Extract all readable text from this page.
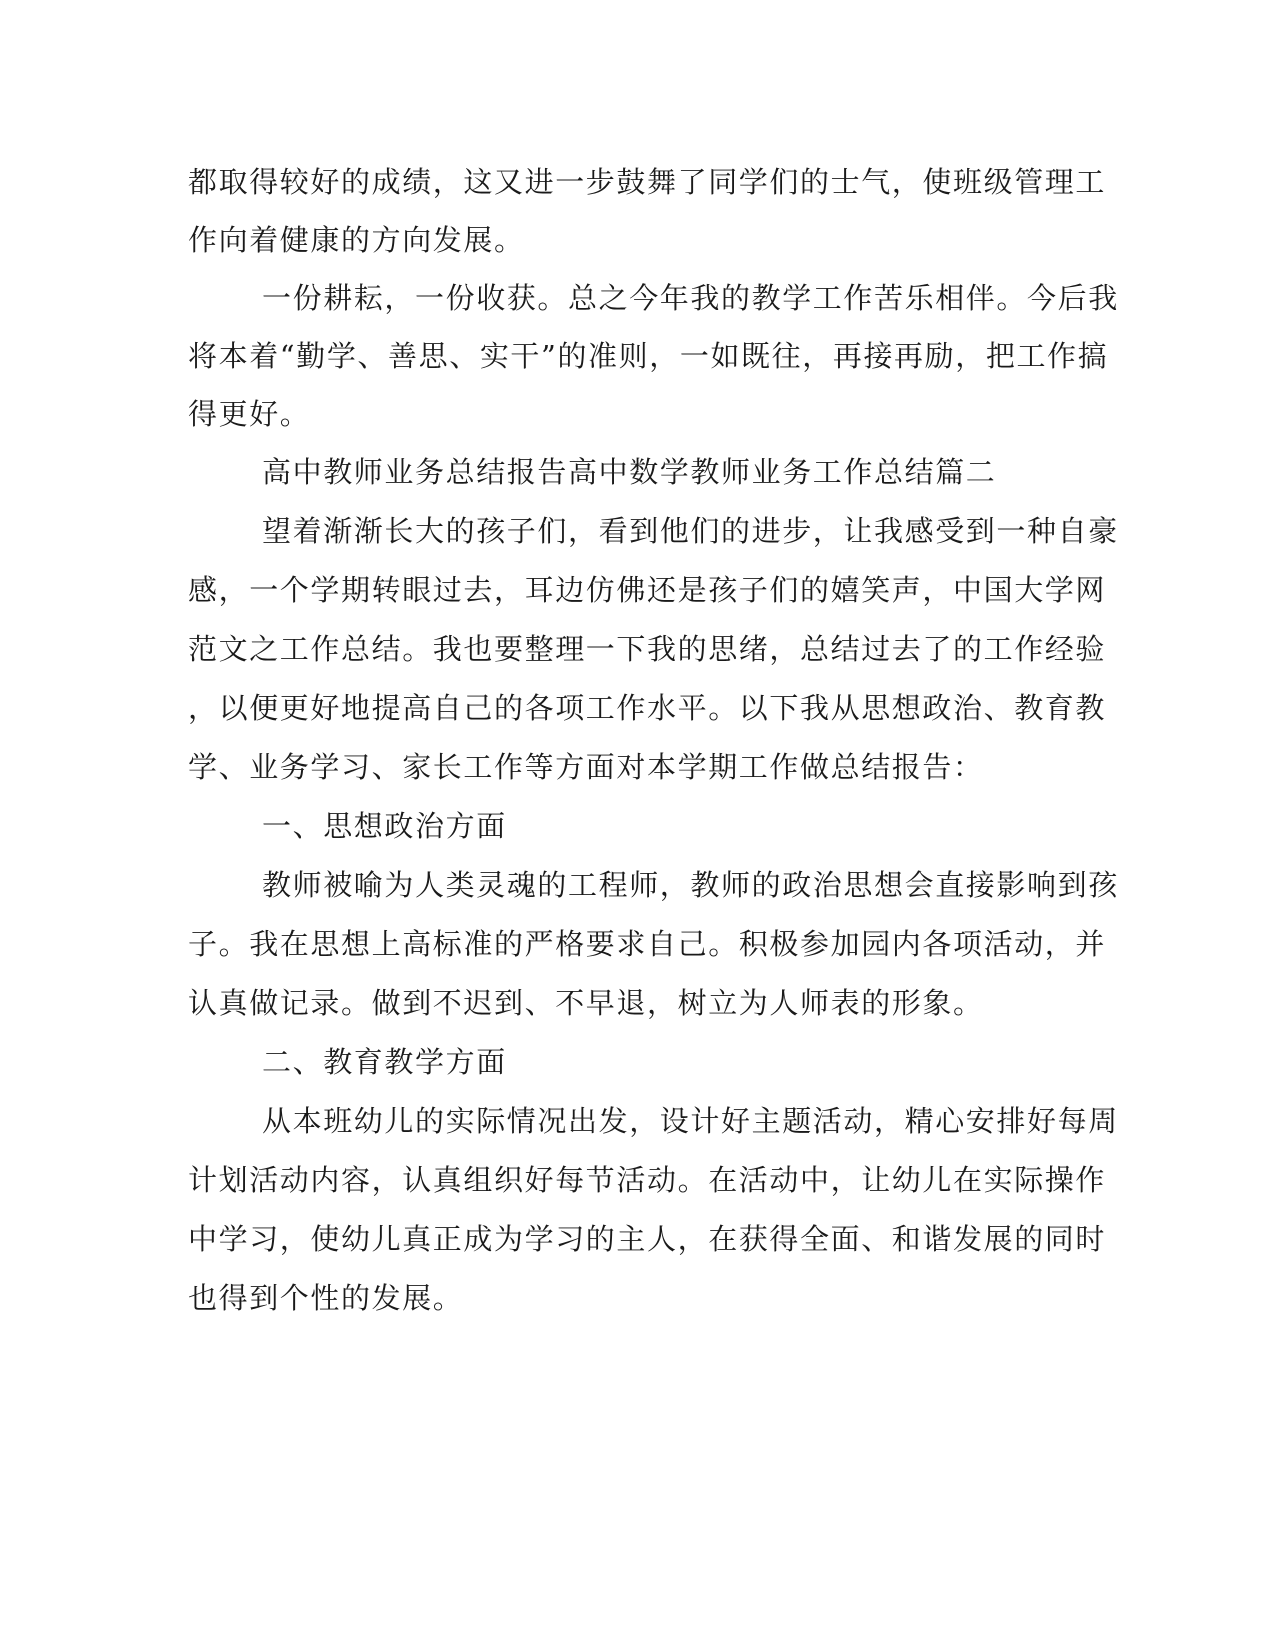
都取得较好的成绩，这又进一步鼓舞了同学们的士气，使班级管理工

作向着健康的方向发展。

一份耕耘，一份收获。总之今年我的教学工作苦乐相伴。今后我

将本着“勤学、善思、实干”的准则，一如既往，再接再励，把工作搞

得更好。

高中教师业务总结报告高中数学教师业务工作总结篇二

望着渐渐长大的孩子们，看到他们的进步，让我感受到一种自豪

感，一个学期转眼过去，耳边仿佛还是孩子们的嬉笑声，中国大学网

范文之工作总结。我也要整理一下我的思绪，总结过去了的工作经验

，以便更好地提高自己的各项工作水平。以下我从思想政治、教育教

学、业务学习、家长工作等方面对本学期工作做总结报告：

一、思想政治方面

教师被喻为人类灵魂的工程师，教师的政治思想会直接影响到孩

子。我在思想上高标准的严格要求自己。积极参加园内各项活动，并

认真做记录。做到不迟到、不早退，树立为人师表的形象。

二、教育教学方面

从本班幼儿的实际情况出发，设计好主题活动，精心安排好每周

计划活动内容，认真组织好每节活动。在活动中，让幼儿在实际操作

中学习，使幼儿真正成为学习的主人，在获得全面、和谐发展的同时

也得到个性的发展。
